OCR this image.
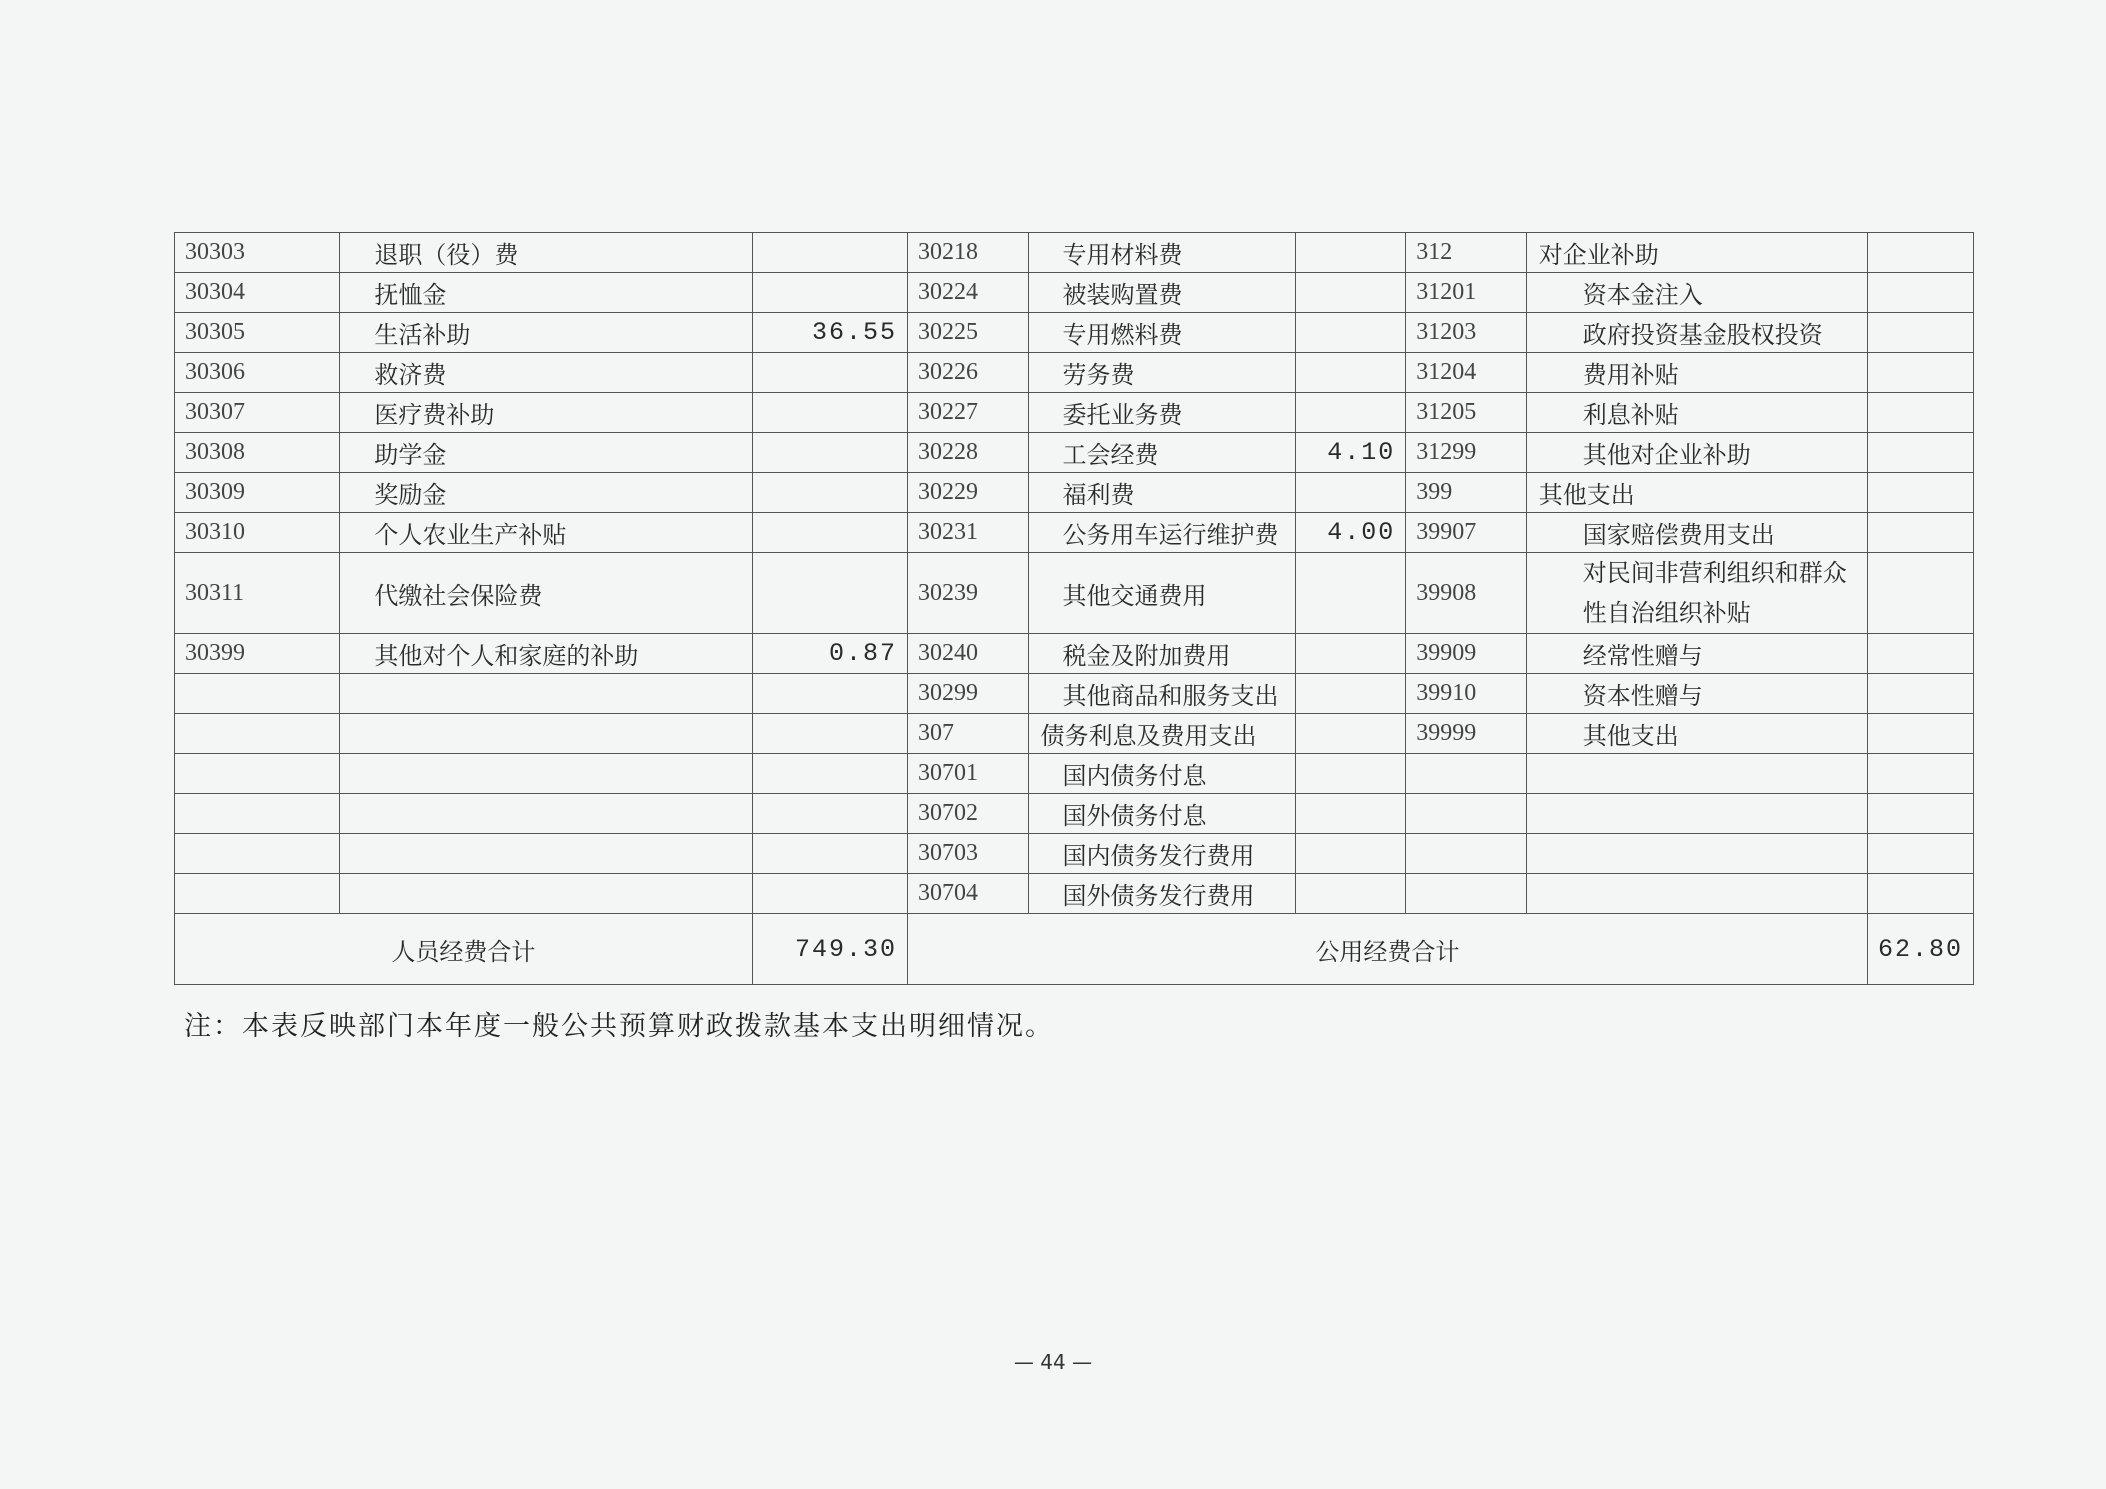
30303	退职（役）费		30218	专用材料费		312	对企业补助	
30304	抚恤金		30224	被装购置费		31201	资本金注入	
30305	生活补助	36.55	30225	专用燃料费		31203	政府投资基金股权投资	
30306	救济费		30226	劳务费		31204	费用补贴	
30307	医疗费补助		30227	委托业务费		31205	利息补贴	
30308	助学金		30228	工会经费	4.10	31299	其他对企业补助	
30309	奖励金		30229	福利费		399	其他支出	
30310	个人农业生产补贴		30231	公务用车运行维护费	4.00	39907	国家赔偿费用支出	
30311	代缴社会保险费		30239	其他交通费用		39908	对民间非营利组织和群众性自治组织补贴	
30399	其他对个人和家庭的补助	0.87	30240	税金及附加费用		39909	经常性赠与	
			30299	其他商品和服务支出		39910	资本性赠与	
			307	债务利息及费用支出		39999	其他支出	
			30701	国内债务付息				
			30702	国外债务付息				
			30703	国内债务发行费用				
			30704	国外债务发行费用				
人员经费合计		749.30	公用经费合计					62.80
注：本表反映部门本年度一般公共预算财政拨款基本支出明细情况。
— 44 —
